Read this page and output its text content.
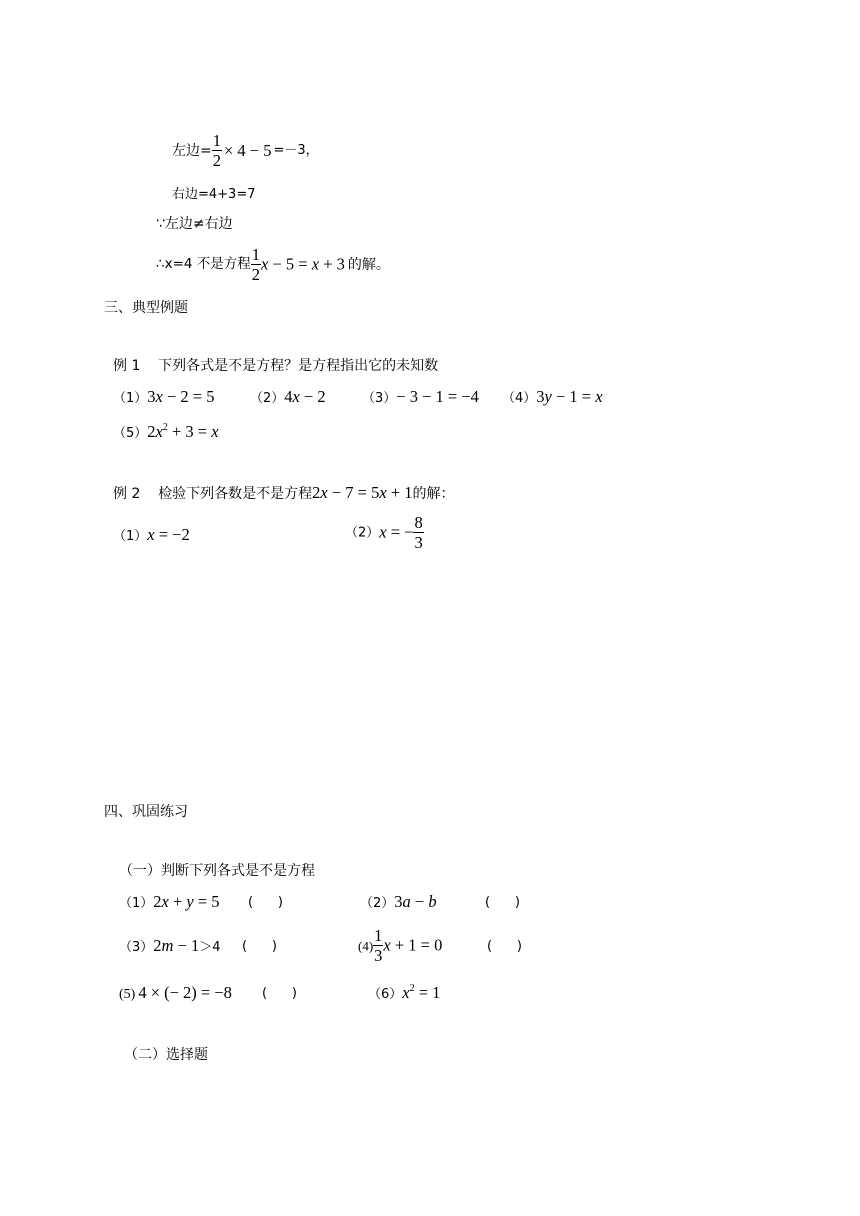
左边= $\frac{1}{2} \times 4 - 5 =-3$，
右边=4+3=7
∵左边≠右边
∴x=4 不是方程 $\frac{1}{2}$ x − 5 = x + 3 的解。
三、典型例题
例 1    下列各式是不是方程？是方程指出它的未知数
（1）3x − 2 = 5	（2）4x − 2	（3）− 3 − 1 = −4 （4）3y − 1 = x
$(5)2x^2 + 3 = x$
例 2    检验下列各数是不是方程2x − 7 = 5x + 1的解：
（1）x = −2	（2）x = − $\frac{8}{3}$
四、巩固练习
（一）判断下列各式是不是方程
（1）2x + y = 5 (      )	（2）3a − b	(      )
（3）2m − 1＞4 (      )	$(4) \frac{1}{3}$ x + 1 = 0	(      )
(5) 4 × (− 2) = −8 (      )	$(6)x^2 = 1$
（二）选择题
